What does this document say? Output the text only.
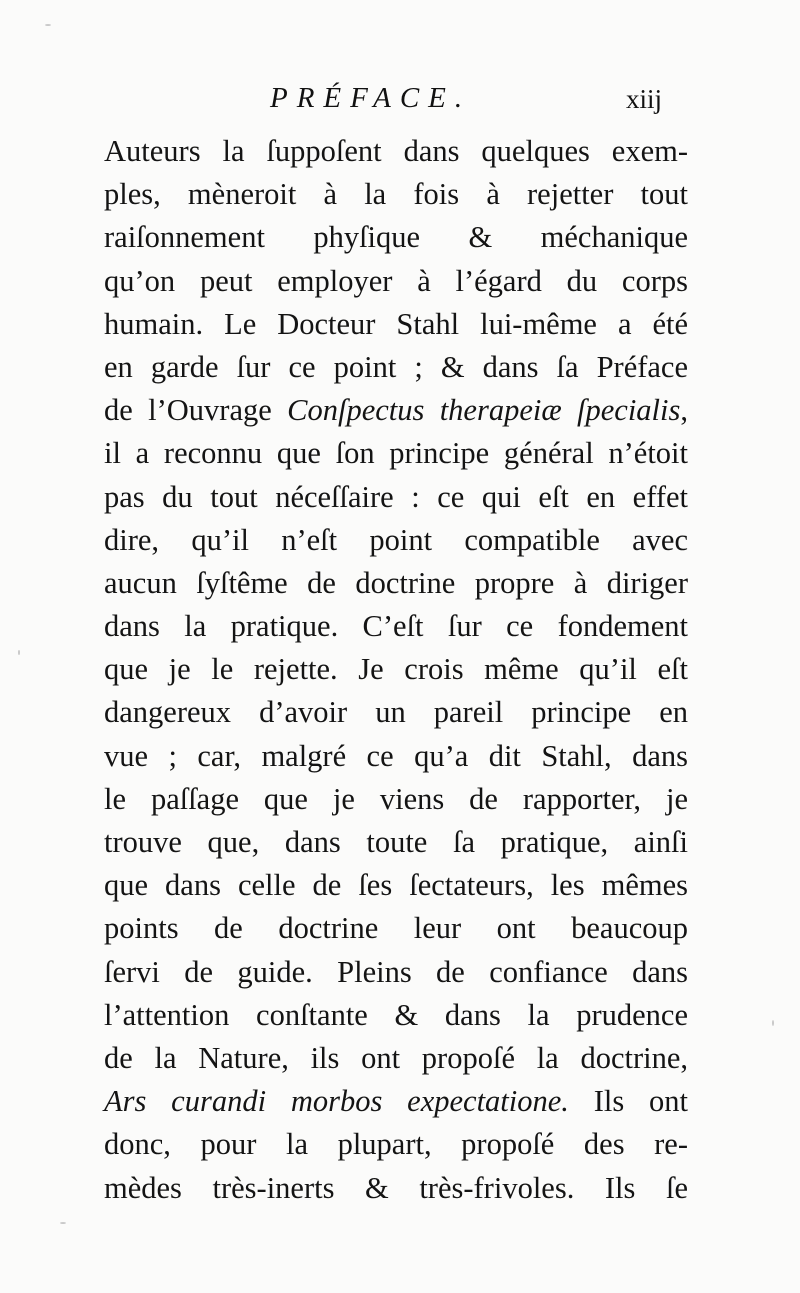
PRÉFACE.	xiij
Auteurs la ſuppoſent dans quelques exem-
ples, mèneroit à la fois à rejetter tout
raiſonnement phyſique & méchanique
qu’on peut employer à l’égard du corps
humain. Le Docteur Stahl lui-même a été
en garde ſur ce point ; & dans ſa Préface
de l’Ouvrage Conſpectus therapeiæ ſpecialis,
il a reconnu que ſon principe général n’étoit
pas du tout néceſſaire : ce qui eſt en effet
dire, qu’il n’eſt point compatible avec
aucun ſyſtême de doctrine propre à diriger
dans la pratique. C’eſt ſur ce fondement
que je le rejette. Je crois même qu’il eſt
dangereux d’avoir un pareil principe en
vue ; car, malgré ce qu’a dit Stahl, dans
le paſſage que je viens de rapporter, je
trouve que, dans toute ſa pratique, ainſi
que dans celle de ſes ſectateurs, les mêmes
points de doctrine leur ont beaucoup
ſervi de guide. Pleins de confiance dans
l’attention conſtante & dans la prudence
de la Nature, ils ont propoſé la doctrine,
Ars curandi morbos expectatione. Ils ont
donc, pour la plupart, propoſé des re-
mèdes très-inerts & très-frivoles. Ils ſe
